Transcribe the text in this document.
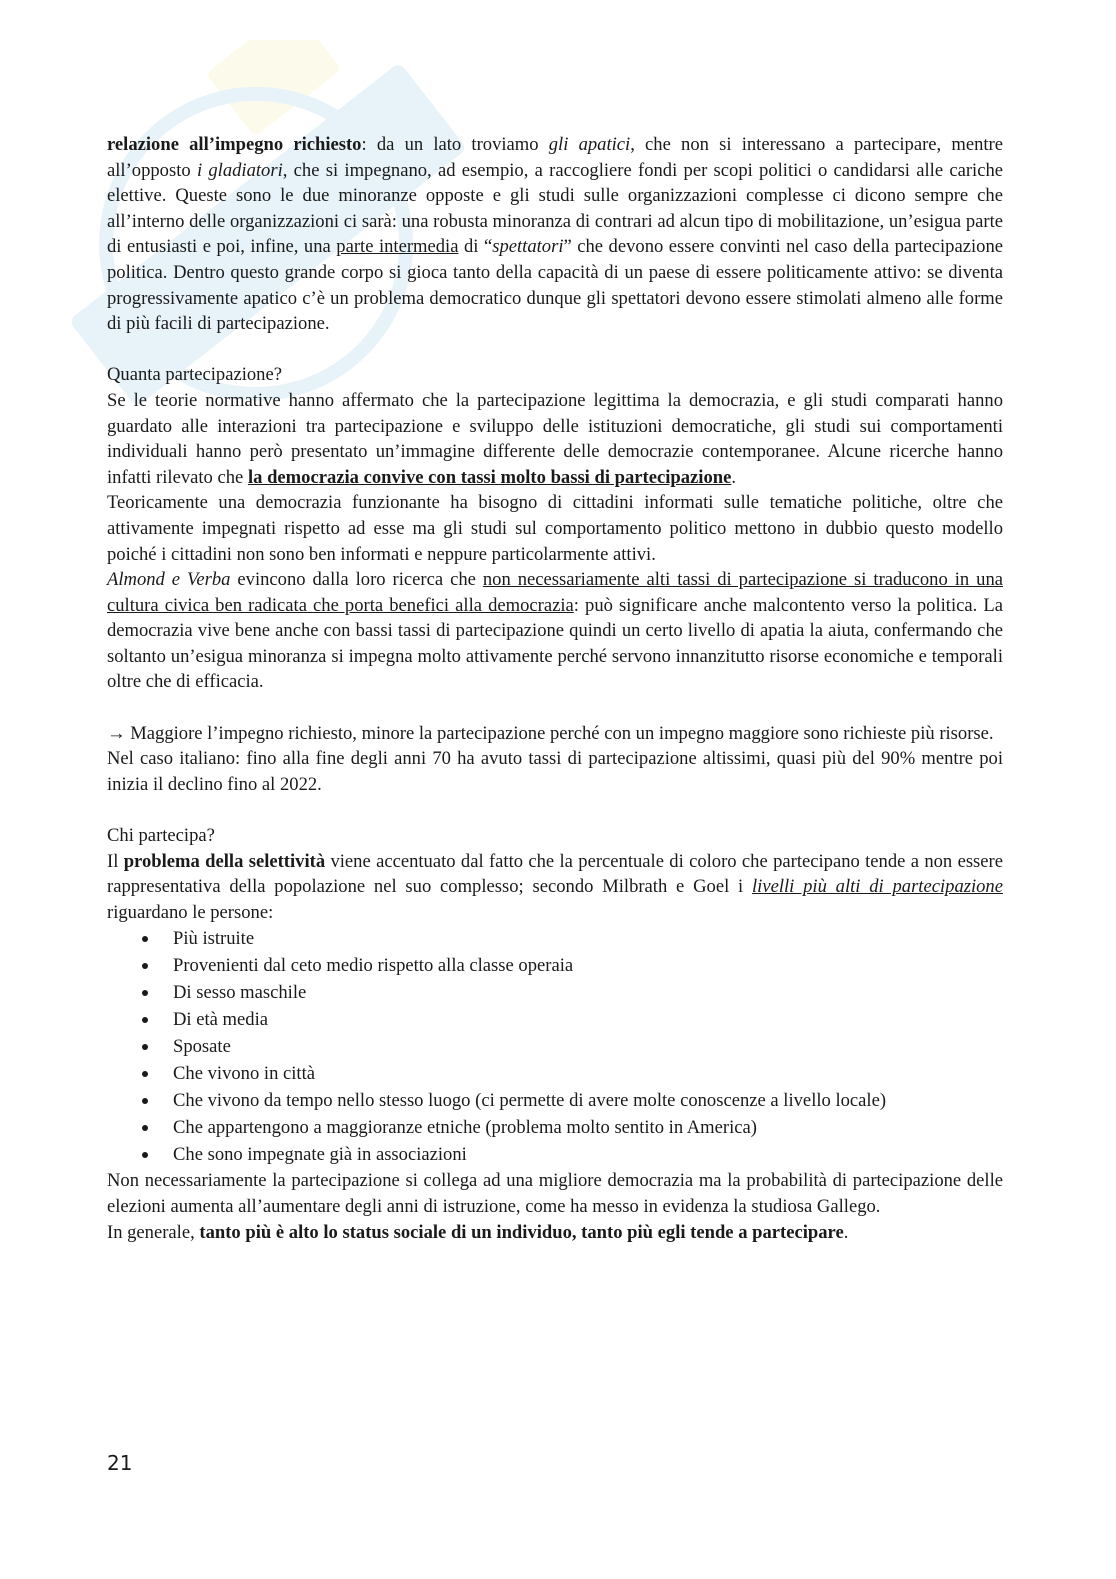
relazione all’impegno richiesto: da un lato troviamo gli apatici, che non si interessano a partecipare, mentre all’opposto i gladiatori, che si impegnano, ad esempio, a raccogliere fondi per scopi politici o candidarsi alle cariche elettive. Queste sono le due minoranze opposte e gli studi sulle organizzazioni complesse ci dicono sempre che all’interno delle organizzazioni ci sarà: una robusta minoranza di contrari ad alcun tipo di mobilitazione, un’esigua parte di entusiasti e poi, infine, una parte intermedia di “spettatori” che devono essere convinti nel caso della partecipazione politica. Dentro questo grande corpo si gioca tanto della capacità di un paese di essere politicamente attivo: se diventa progressivamente apatico c’è un problema democratico dunque gli spettatori devono essere stimolati almeno alle forme di più facili di partecipazione.

Quanta partecipazione?

Se le teorie normative hanno affermato che la partecipazione legittima la democrazia, e gli studi comparati hanno guardato alle interazioni tra partecipazione e sviluppo delle istituzioni democratiche, gli studi sui comportamenti individuali hanno però presentato un’immagine differente delle democrazie contemporanee. Alcune ricerche hanno infatti rilevato che la democrazia convive con tassi molto bassi di partecipazione.

Teoricamente una democrazia funzionante ha bisogno di cittadini informati sulle tematiche politiche, oltre che attivamente impegnati rispetto ad esse ma gli studi sul comportamento politico mettono in dubbio questo modello poiché i cittadini non sono ben informati e neppure particolarmente attivi.

Almond e Verba evincono dalla loro ricerca che non necessariamente alti tassi di partecipazione si traducono in una cultura civica ben radicata che porta benefici alla democrazia: può significare anche malcontento verso la politica. La democrazia vive bene anche con bassi tassi di partecipazione quindi un certo livello di apatia la aiuta, confermando che soltanto un’esigua minoranza si impegna molto attivamente perché servono innanzitutto risorse economiche e temporali oltre che di efficacia.

→ Maggiore l’impegno richiesto, minore la partecipazione perché con un impegno maggiore sono richieste più risorse.

Nel caso italiano: fino alla fine degli anni 70 ha avuto tassi di partecipazione altissimi, quasi più del 90% mentre poi inizia il declino fino al 2022.

Chi partecipa?

Il problema della selettività viene accentuato dal fatto che la percentuale di coloro che partecipano tende a non essere rappresentativa della popolazione nel suo complesso; secondo Milbrath e Goel i livelli più alti di partecipazione riguardano le persone:

Più istruite
Provenienti dal ceto medio rispetto alla classe operaia
Di sesso maschile
Di età media
Sposate
Che vivono in città
Che vivono da tempo nello stesso luogo (ci permette di avere molte conoscenze a livello locale)
Che appartengono a maggioranze etniche (problema molto sentito in America)
Che sono impegnate già in associazioni

Non necessariamente la partecipazione si collega ad una migliore democrazia ma la probabilità di partecipazione delle elezioni aumenta all’aumentare degli anni di istruzione, come ha messo in evidenza la studiosa Gallego.

In generale, tanto più è alto lo status sociale di un individuo, tanto più egli tende a partecipare.

21
